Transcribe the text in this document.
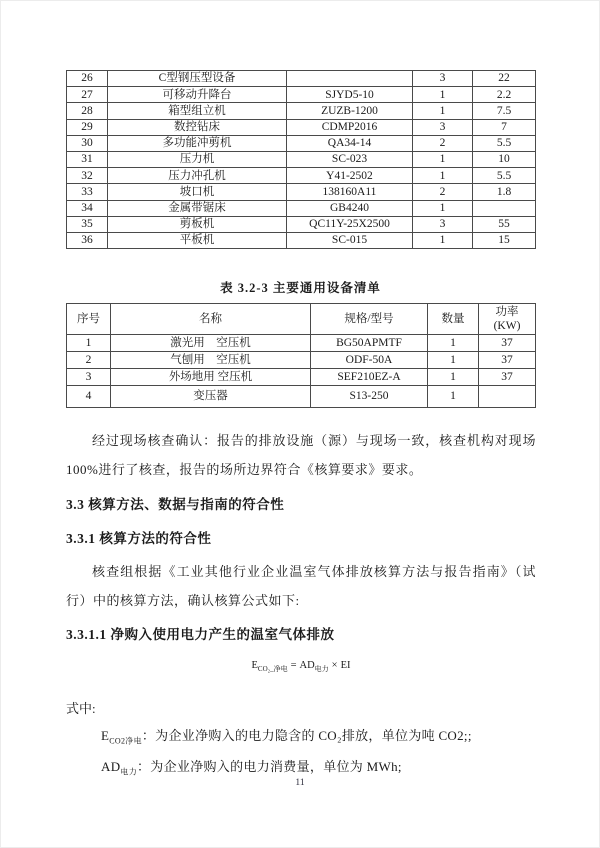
26	C型钢压型设备		3	22
27	可移动升降台	SJYD5-10	1	2.2
28	箱型组立机	ZUZB-1200	1	7.5
29	数控钻床	CDMP2016	3	7
30	多功能冲剪机	QA34-14	2	5.5
31	压力机	SC-023	1	10
32	压力冲孔机	Y41-2502	1	5.5
33	坡口机	138160A11	2	1.8
34	金属带锯床	GB4240	1	
35	剪板机	QC11Y-25X2500	3	55
36	平板机	SC-015	1	15
表 3.2-3 主要通用设备清单
序号	名称	规格/型号	数量	功率
(KW)

1	激光用　空压机	BG50APMTF	1	37
2	气刨用　空压机	ODF-50A	1	37
3	外场地用 空压机	SEF210EZ-A	1	37
4	变压器	S13-250	1	

经过现场核查确认：报告的排放设施（源）与现场一致，核查机构对现场100%进行了核查，报告的场所边界符合《核算要求》要求。

3.3 核算方法、数据与指南的符合性
3.3.1 核算方法的符合性

核查组根据《工业其他行业企业温室气体排放核算方法与报告指南》（试行）中的核算方法，确认核算公式如下:

3.3.1.1 净购入使用电力产生的温室气体排放
$E_{CO_2\_净电} = AD_{电力}$ × EI
式中:
$E_{CO2净电}$：为企业净购入的电力隐含的 CO₂排放，单位为吨 CO2;;
$AD_{电力}$：为企业净购入的电力消费量，单位为 MWh;
11
